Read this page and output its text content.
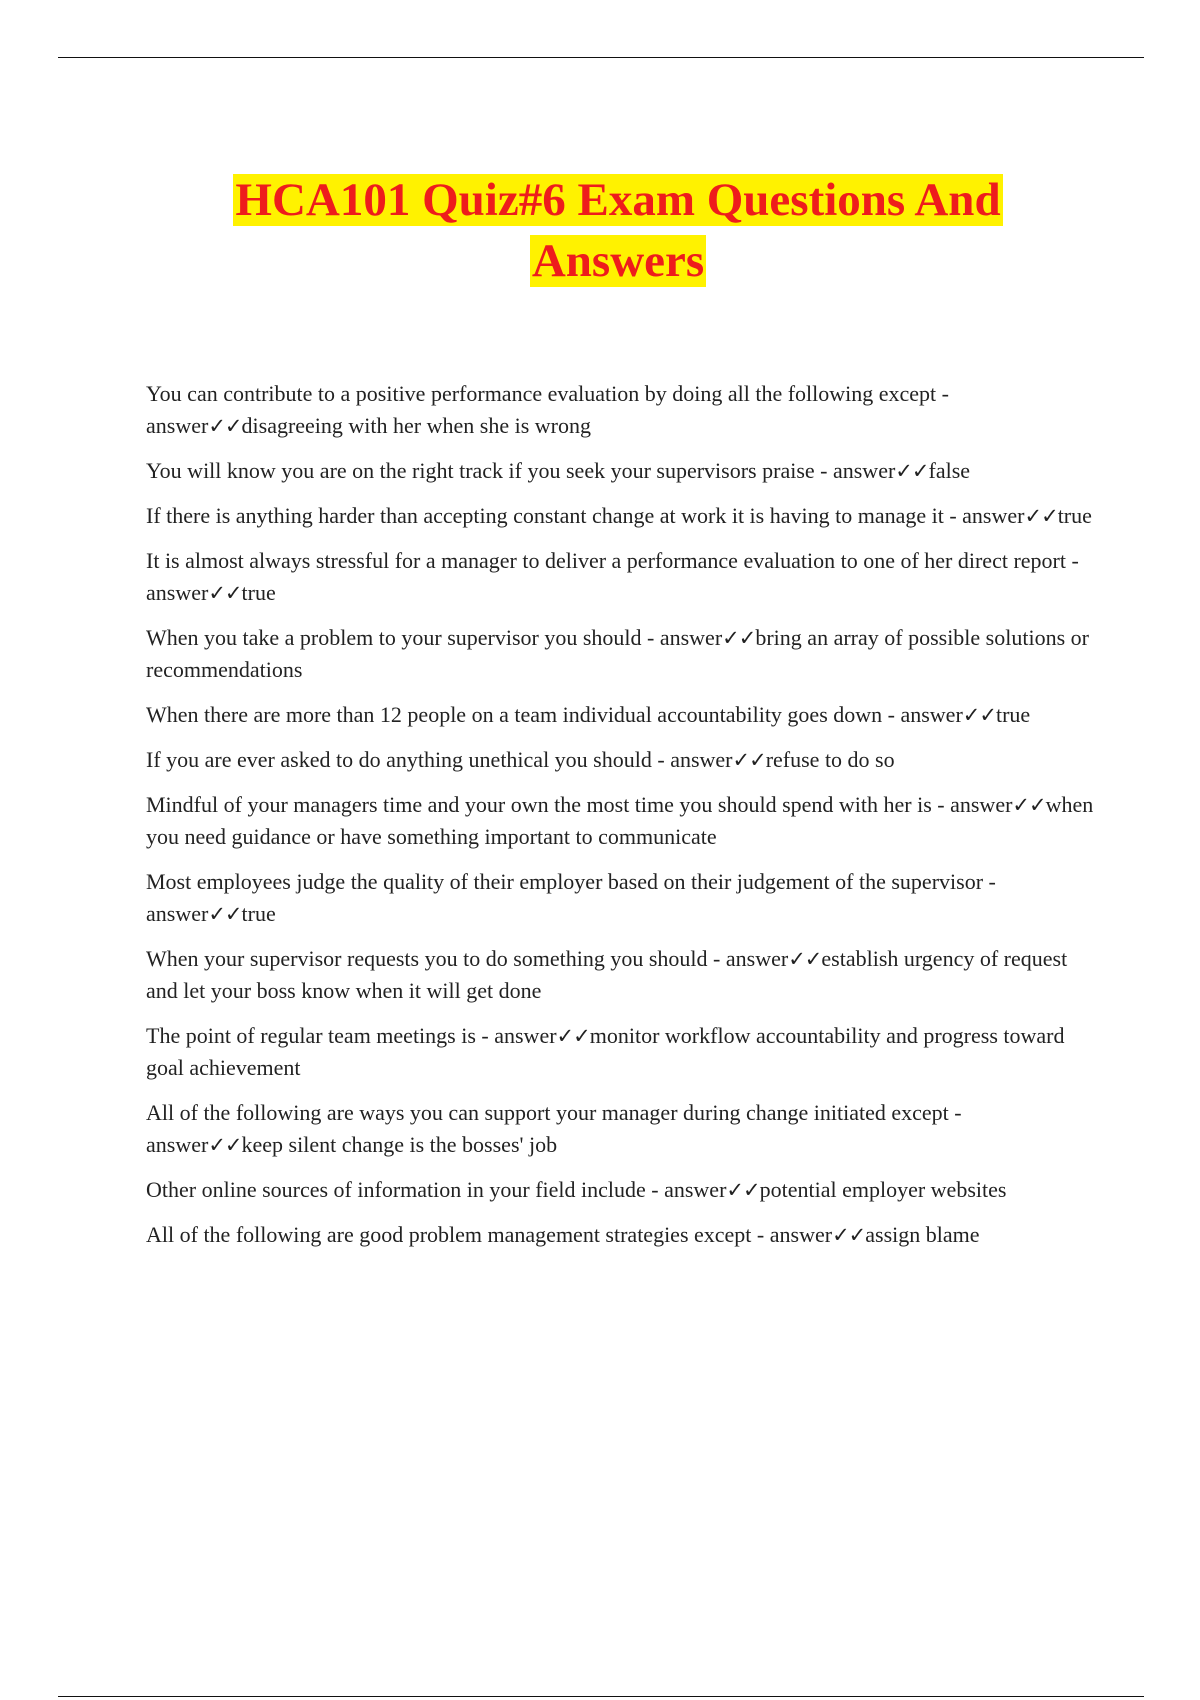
HCA101 Quiz#6 Exam Questions And
Answers
You can contribute to a positive performance evaluation by doing all the following except - answer✓✓disagreeing with her when she is wrong
You will know you are on the right track if you seek your supervisors praise - answer✓✓false
If there is anything harder than accepting constant change at work it is having to manage it - answer✓✓true
It is almost always stressful for a manager to deliver a performance evaluation to one of her direct report - answer✓✓true
When you take a problem to your supervisor you should - answer✓✓bring an array of possible solutions or recommendations
When there are more than 12 people on a team individual accountability goes down - answer✓✓true
If you are ever asked to do anything unethical you should - answer✓✓refuse to do so
Mindful of your managers time and your own the most time you should spend with her is - answer✓✓when you need guidance or have something important to communicate
Most employees judge the quality of their employer based on their judgement of the supervisor - answer✓✓true
When your supervisor requests you to do something you should - answer✓✓establish urgency of request and let your boss know when it will get done
The point of regular team meetings is - answer✓✓monitor workflow accountability and progress toward goal achievement
All of the following are ways you can support your manager during change initiated except - answer✓✓keep silent change is the bosses' job
Other online sources of information in your field include - answer✓✓potential employer websites
All of the following are good problem management strategies except - answer✓✓assign blame
